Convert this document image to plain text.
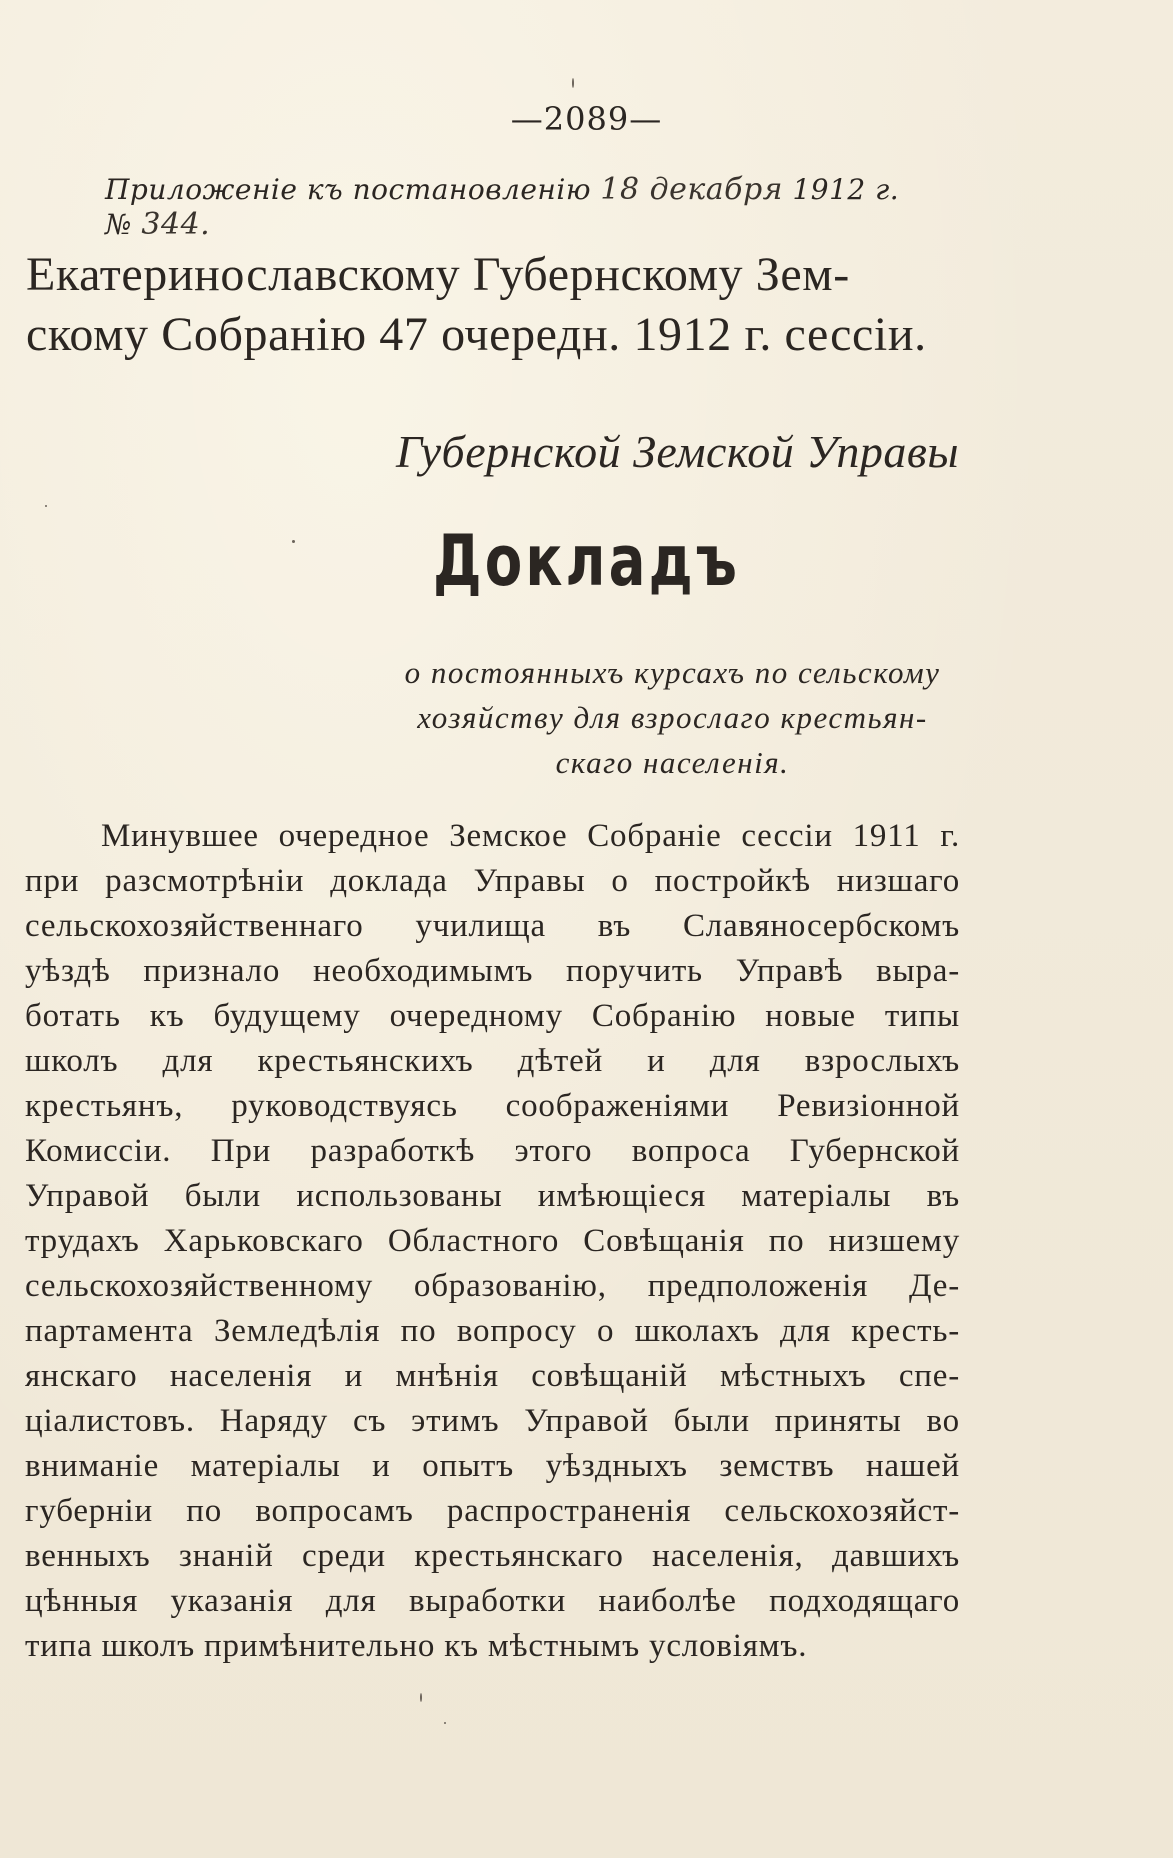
—2089—
Приложенiе къ постановленiю 18 декабря 1912 г. № 344.
Екатеринославскому Губернскому Зем-
скому Собранiю 47 очередн. 1912 г. сессiи.
Губернской Земской Управы
Докладъ
о постоянныхъ курсахъ по сельскому
хозяйству для взрослаго крестьян-
скаго населенiя.
Минувшее очередное Земское Собранiе сессiи 1911 г.
при разсмотрѣнiи доклада Управы о постройкѣ низшаго
сельскохозяйственнаго училища въ Славяносербскомъ
уѣздѣ признало необходимымъ поручить Управѣ выра-
ботать къ будущему очередному Собранiю новые типы
школъ для крестьянскихъ дѣтей и для взрослыхъ
крестьянъ, руководствуясь соображенiями Ревизiонной
Комиссiи. При разработкѣ этого вопроса Губернской
Управой были использованы имѣющiеся матерiалы въ
трудахъ Харьковскаго Областного Совѣщанiя по низшему
сельскохозяйственному образованiю, предположенiя Де-
партамента Земледѣлiя по вопросу о школахъ для кресть-
янскаго населенiя и мнѣнiя совѣщанiй мѣстныхъ спе-
цiалистовъ. Наряду съ этимъ Управой были приняты во
вниманiе матерiалы и опытъ уѣздныхъ земствъ нашей
губернiи по вопросамъ распространенiя сельскохозяйст-
венныхъ знанiй среди крестьянскаго населенiя, давшихъ
цѣнныя указанiя для выработки наиболѣе подходящаго
типа школъ примѣнительно къ мѣстнымъ условiямъ.
